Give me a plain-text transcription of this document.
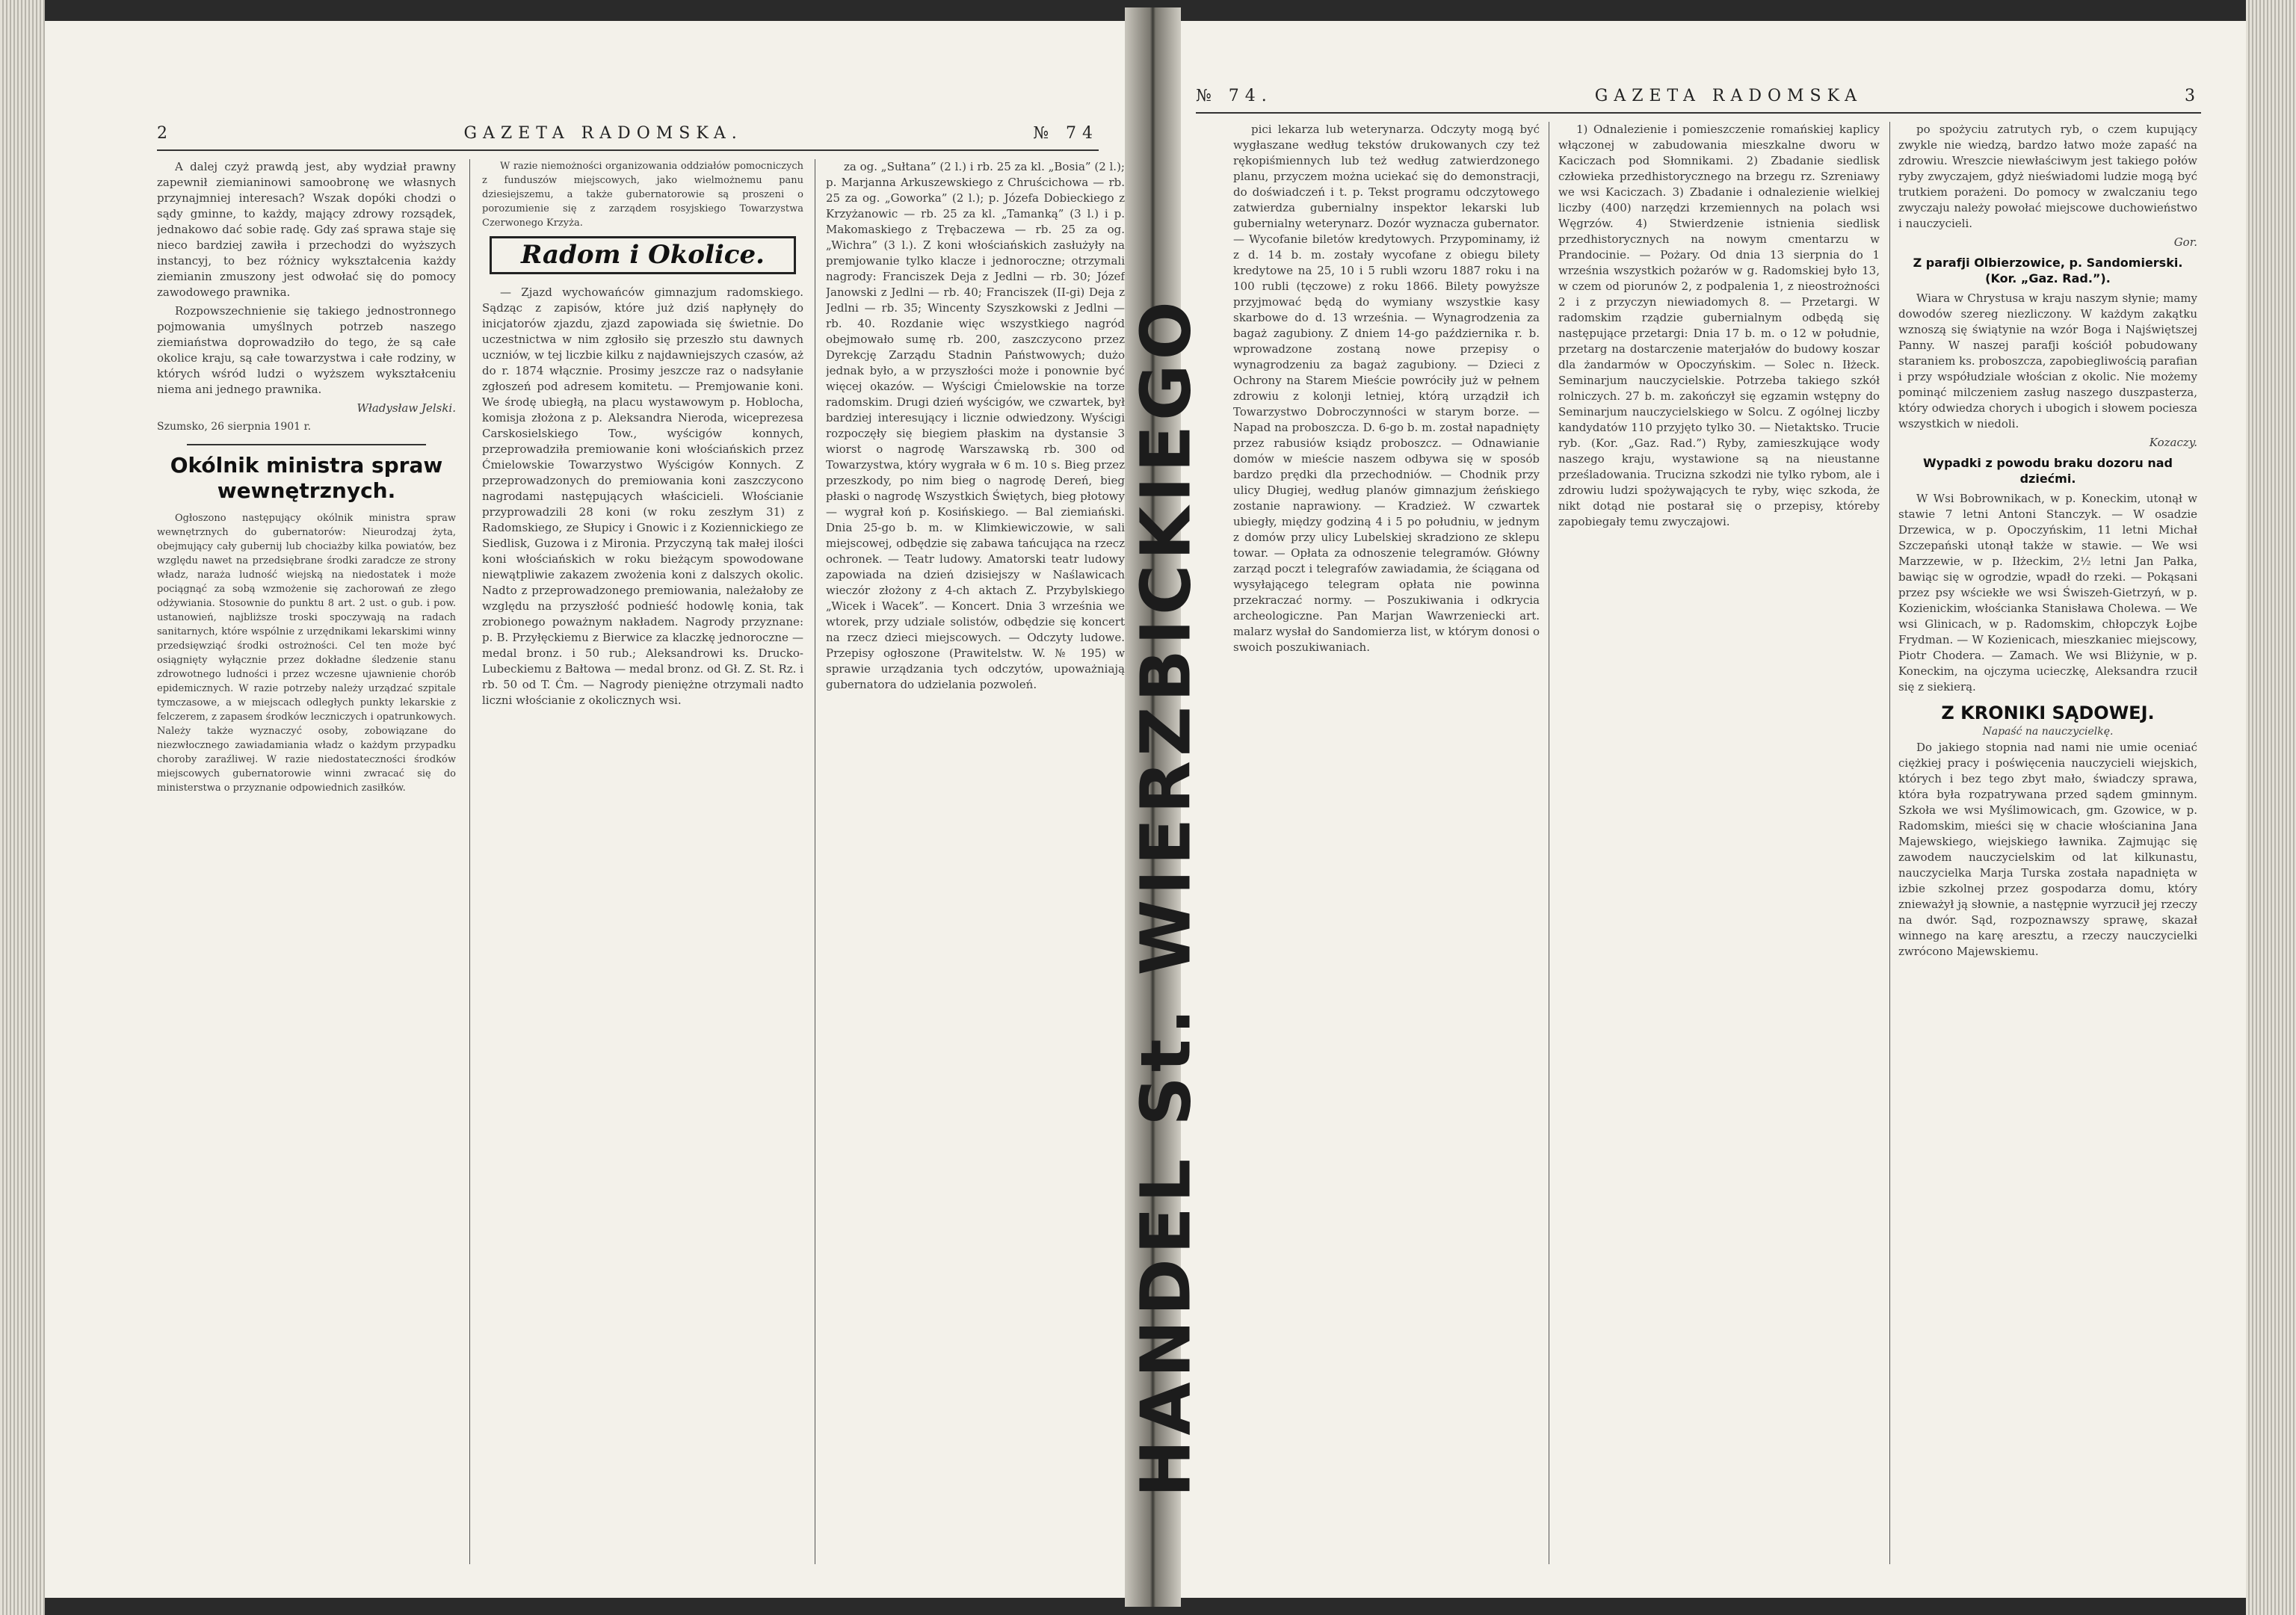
2	GAZETA RADOMSKA.	№ 74

A dalej czyż prawdą jest, aby wydział prawny zapewnił ziemianinowi samoobronę we własnych przynajmniej interesach? Wszak dopóki chodzi o sądy gminne, to każdy, mający zdrowy rozsądek, jednakowo dać sobie radę. Gdy zaś sprawa staje się nieco bardziej zawiła i przechodzi do wyższych instancyj, to bez różnicy wykształcenia każdy ziemianin zmuszony jest odwołać się do pomocy zawodowego prawnika.

Rozpowszechnienie się takiego jednostronnego pojmowania umyślnych potrzeb naszego ziemiaństwa doprowadziło do tego, że są całe okolice kraju, są całe towarzystwa i całe rodziny, w których wśród ludzi o wyższem wykształceniu niema ani jednego prawnika.

Władysław Jelski.
Szumsko, 26 sierpnia 1901 r.
Okólnik ministra spraw wewnętrznych.

Ogłoszono następujący okólnik ministra spraw wewnętrznych do gubernatorów: Nieurodzaj żyta, obejmujący cały gubernij lub chociażby kilka powiatów, bez względu nawet na przedsiębrane środki zaradcze ze strony władz, naraża ludność wiejską na niedostatek i może pociągnąć za sobą wzmożenie się zachorowań ze złego odżywiania. Stosownie do punktu 8 art. 2 ust. o gub. i pow. ustanowień, najbliższe troski spoczywają na radach sanitarnych, które wspólnie z urzędnikami lekarskimi winny przedsięwziąć środki ostrożności. Cel ten może być osiągnięty wyłącznie przez dokładne śledzenie stanu zdrowotnego ludności i przez wczesne ujawnienie chorób epidemicznych. W razie potrzeby należy urządzać szpitale tymczasowe, a w miejscach odległych punkty lekarskie z felczerem, z zapasem środków leczniczych i opatrunkowych. Należy także wyznaczyć osoby, zobowiązane do niezwłocznego zawiadamiania władz o każdym przypadku choroby zaraźliwej. W razie niedostateczności środków miejscowych gubernatorowie winni zwracać się do ministerstwa o przyznanie odpowiednich zasiłków.

W razie niemożności organizowania oddziałów pomocniczych z funduszów miejscowych, jako wielmożnemu panu dziesiejszemu, a także gubernatorowie są proszeni o porozumienie się z zarządem rosyjskiego Towarzystwa Czerwonego Krzyża.

Radom i Okolice.

— Zjazd wychowańców gimnazjum radomskiego. Sądząc z zapisów, które już dziś napłynęły do inicjatorów zjazdu, zjazd zapowiada się świetnie. Do uczestnictwa w nim zgłosiło się przeszło stu dawnych uczniów, w tej liczbie kilku z najdawniejszych czasów, aż do r. 1874 włącznie. Prosimy jeszcze raz o nadsyłanie zgłoszeń pod adresem komitetu. — Premjowanie koni. We środę ubiegłą, na placu wystawowym p. Hoblocha, komisja złożona z p. Aleksandra Nieroda, wiceprezesa Carskosielskiego Tow., wyścigów konnych, przeprowadziła premiowanie koni włościańskich przez Ćmielowskie Towarzystwo Wyścigów Konnych. Z przeprowadzonych do premiowania koni zaszczycono nagrodami następujących właścicieli. Włościanie przyprowadzili 28 koni (w roku zeszłym 31) z Radomskiego, ze Słupicy i Gnowic i z Koziennickiego ze Siedlisk, Guzowa i z Mironia. Przyczyną tak małej ilości koni włościańskich w roku bieżącym spowodowane niewątpliwie zakazem zwożenia koni z dalszych okolic. Nadto z przeprowadzonego premiowania, należałoby ze względu na przyszłość podnieść hodowlę konia, tak zrobionego poważnym nakładem. Nagrody przyznane: p. B. Przyłęckiemu z Bierwice za klaczkę jednoroczne — medal bronz. i 50 rub.; Aleksandrowi ks. Drucko-Lubeckiemu z Bałtowa — medal bronz. od Gł. Z. St. Rz. i rb. 50 od T. Ćm. — Nagrody pieniężne otrzymali nadto liczni włościanie z okolicznych wsi.

za og. „Sułtana” (2 l.) i rb. 25 za kl. „Bosia” (2 l.); p. Marjanna Arkuszewskiego z Chruścichowa — rb. 25 za og. „Goworka” (2 l.); p. Józefa Dobieckiego z Krzyżanowic — rb. 25 za kl. „Tamanką” (3 l.) i p. Makomaskiego z Trębaczewa — rb. 25 za og. „Wichra” (3 l.). Z koni włościańskich zasłużyły na premjowanie tylko klacze i jednoroczne; otrzymali nagrody: Franciszek Deja z Jedlni — rb. 30; Józef Janowski z Jedlni — rb. 40; Franciszek (II-gi) Deja z Jedlni — rb. 35; Wincenty Szyszkowski z Jedlni — rb. 40. Rozdanie więc wszystkiego nagród obejmowało sumę rb. 200, zaszczycono przez Dyrekcję Zarządu Stadnin Państwowych; dużo jednak było, a w przyszłości może i ponownie być więcej okazów. — Wyścigi Ćmielowskie na torze radomskim. Drugi dzień wyścigów, we czwartek, był bardziej interesujący i licznie odwiedzony. Wyścigi rozpoczęły się biegiem płaskim na dystansie 3 wiorst o nagrodę Warszawską rb. 300 od Towarzystwa, który wygrała w 6 m. 10 s. Bieg przez przeszkody, po nim bieg o nagrodę Dereń, bieg płaski o nagrodę Wszystkich Świętych, bieg płotowy — wygrał koń p. Kosińskiego. — Bal ziemiański. Dnia 25-go b. m. w Klimkiewiczowie, w sali miejscowej, odbędzie się zabawa tańcująca na rzecz ochronek. — Teatr ludowy. Amatorski teatr ludowy zapowiada na dzień dzisiejszy w Naślawicach wieczór złożony z 4-ch aktach Z. Przybylskiego „Wicek i Wacek”. — Koncert. Dnia 3 września we wtorek, przy udziale solistów, odbędzie się koncert na rzecz dzieci miejscowych. — Odczyty ludowe. Przepisy ogłoszone (Prawitelstw. W. № 195) w sprawie urządzania tych odczytów, upoważniają gubernatora do udzielania pozwoleń.

№ 74.	GAZETA RADOMSKA	3

pici lekarza lub weterynarza. Odczyty mogą być wygłaszane według tekstów drukowanych czy też rękopiśmiennych lub też według zatwierdzonego planu, przyczem można uciekać się do demonstracji, do doświadczeń i t. p. Tekst programu odczytowego zatwierdza gubernialny inspektor lekarski lub gubernialny weterynarz. Dozór wyznacza gubernator. — Wycofanie biletów kredytowych. Przypominamy, iż z d. 14 b. m. zostały wycofane z obiegu bilety kredytowe na 25, 10 i 5 rubli wzoru 1887 roku i na 100 rubli (tęczowe) z roku 1866. Bilety powyższe przyjmować będą do wymiany wszystkie kasy skarbowe do d. 13 września. — Wynagrodzenia za bagaż zagubiony. Z dniem 14-go października r. b. wprowadzone zostaną nowe przepisy o wynagrodzeniu za bagaż zagubiony. — Dzieci z Ochrony na Starem Mieście powróciły już w pełnem zdrowiu z kolonji letniej, którą urządził ich Towarzystwo Dobroczynności w starym borze. — Napad na proboszcza. D. 6-go b. m. został napadnięty przez rabusiów ksiądz proboszcz. — Odnawianie domów w mieście naszem odbywa się w sposób bardzo prędki dla przechodniów. — Chodnik przy ulicy Długiej, według planów gimnazjum żeńskiego zostanie naprawiony. — Kradzież. W czwartek ubiegły, między godziną 4 i 5 po południu, w jednym z domów przy ulicy Lubelskiej skradziono ze sklepu towar. — Opłata za odnoszenie telegramów. Główny zarząd poczt i telegrafów zawiadamia, że ściągana od wysyłającego telegram opłata nie powinna przekraczać normy. — Poszukiwania i odkrycia archeologiczne. Pan Marjan Wawrzeniecki art. malarz wysłał do Sandomierza list, w którym donosi o swoich poszukiwaniach.

1) Odnalezienie i pomieszczenie romańskiej kaplicy włączonej w zabudowania mieszkalne dworu w Kaciczach pod Słomnikami. 2) Zbadanie siedlisk człowieka przedhistorycznego na brzegu rz. Szreniawy we wsi Kaciczach. 3) Zbadanie i odnalezienie wielkiej liczby (400) narzędzi krzemiennych na polach wsi Węgrzów. 4) Stwierdzenie istnienia siedlisk przedhistorycznych na nowym cmentarzu w Prandocinie. — Pożary. Od dnia 13 sierpnia do 1 września wszystkich pożarów w g. Radomskiej było 13, w czem od piorunów 2, z podpalenia 1, z nieostrożności 2 i z przyczyn niewiadomych 8. — Przetargi. W radomskim rządzie gubernialnym odbędą się następujące przetargi: Dnia 17 b. m. o 12 w południe, przetarg na dostarczenie materjałów do budowy koszar dla żandarmów w Opoczyńskim. — Solec n. Iłżeck. Seminarjum nauczycielskie. Potrzeba takiego szkół rolniczych. 27 b. m. zakończył się egzamin wstępny do Seminarjum nauczycielskiego w Solcu. Z ogólnej liczby kandydatów 110 przyjęto tylko 30. — Nietaktsko. Trucie ryb. (Kor. „Gaz. Rad.”) Ryby, zamieszkujące wody naszego kraju, wystawione są na nieustanne prześladowania. Trucizna szkodzi nie tylko rybom, ale i zdrowiu ludzi spożywających te ryby, więc szkoda, że nikt dotąd nie postarał się o przepisy, któreby zapobiegały temu zwyczajowi.

po spożyciu zatrutych ryb, o czem kupujący zwykle nie wiedzą, bardzo łatwo może zapaść na zdrowiu. Wreszcie niewłaściwym jest takiego połów ryby zwyczajem, gdyż nieświadomi ludzie mogą być trutkiem porażeni. Do pomocy w zwalczaniu tego zwyczaju należy powołać miejscowe duchowieństwo i nauczycieli.

Gor.
Z parafji Olbierzowice, p. Sandomierski. (Kor. „Gaz. Rad.”).

Wiara w Chrystusa w kraju naszym słynie; mamy dowodów szereg niezliczony. W każdym zakątku wznoszą się świątynie na wzór Boga i Najświętszej Panny. W naszej parafji kościół pobudowany staraniem ks. proboszcza, zapobiegliwością parafian i przy współudziale włościan z okolic. Nie możemy pominąć milczeniem zasług naszego duszpasterza, który odwiedza chorych i ubogich i słowem pociesza wszystkich w niedoli.

Kozaczy.
Wypadki z powodu braku dozoru nad dziećmi.

W Wsi Bobrownikach, w p. Koneckim, utonął w stawie 7 letni Antoni Stanczyk. — W osadzie Drzewica, w p. Opoczyńskim, 11 letni Michał Szczepański utonął także w stawie. — We wsi Marzzewie, w p. Iłżeckim, 2½ letni Jan Pałka, bawiąc się w ogrodzie, wpadł do rzeki. — Pokąsani przez psy wściekłe we wsi Świszeh-Gietrzyń, w p. Kozienickim, włościanka Stanisława Cholewa. — We wsi Glinicach, w p. Radomskim, chłopczyk Łojbe Frydman. — W Kozienicach, mieszkaniec miejscowy, Piotr Chodera. — Zamach. We wsi Bliżynie, w p. Koneckim, na ojczyma ucieczkę, Aleksandra rzucił się z siekierą.

Z KRONIKI SĄDOWEJ.
Napaść na nauczycielkę.

Do jakiego stopnia nad nami nie umie oceniać ciężkiej pracy i poświęcenia nauczycieli wiejskich, których i bez tego zbyt mało, świadczy sprawa, która była rozpatrywana przed sądem gminnym. Szkoła we wsi Myślimowicach, gm. Gzowice, w p. Radomskim, mieści się w chacie włościanina Jana Majewskiego, wiejskiego ławnika. Zajmując się zawodem nauczycielskim od lat kilkunastu, nauczycielka Marja Turska została napadnięta w izbie szkolnej przez gospodarza domu, który znieważył ją słownie, a następnie wyrzucił jej rzeczy na dwór. Sąd, rozpoznawszy sprawę, skazał winnego na karę aresztu, a rzeczy nauczycielki zwrócono Majewskiemu.

HANDEL St. WIERZBICKIEGO
